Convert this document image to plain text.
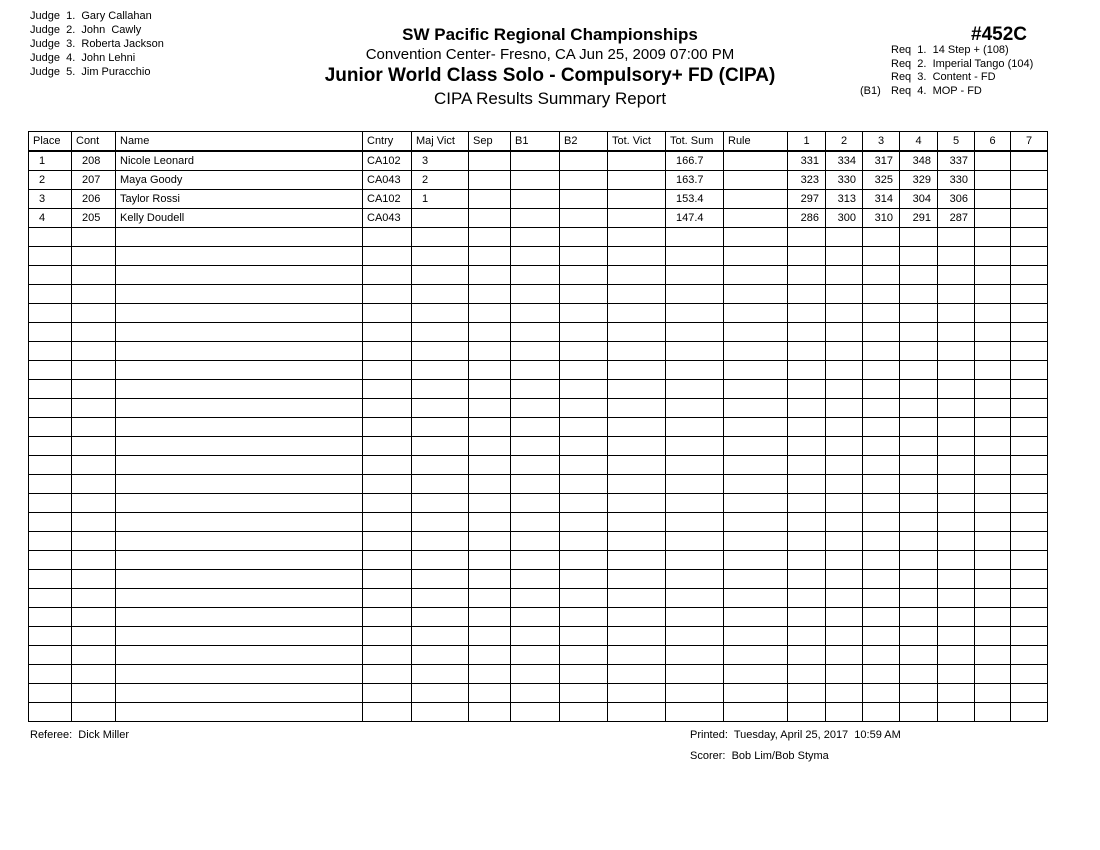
Judge  1.  Gary Callahan
Judge  2.  John  Cawly
Judge  3.  Roberta Jackson
Judge  4.  John Lehni
Judge  5.  Jim Puracchio
SW Pacific Regional Championships
Convention Center- Fresno, CA Jun 25, 2009 07:00 PM
Junior World Class Solo - Compulsory+ FD (CIPA)
CIPA Results Summary Report
#452C
Req  1.  14 Step + (108)
Req  2.  Imperial Tango (104)
Req  3.  Content - FD
(B1) Req  4.  MOP - FD
Place	Cont	Name	Cntry	Maj Vict	Sep	B1	B2	Tot. Vict	Tot. Sum	Rule	1	2	3	4	5	6	7
1	208	Nicole Leonard	CA102	3					166.7		331	334	317	348	337		
2	207	Maya Goody	CA043	2					163.7		323	330	325	329	330		
3	206	Taylor Rossi	CA102	1					153.4		297	313	314	304	306		
4	205	Kelly Doudell	CA043						147.4		286	300	310	291	287		

Referee:  Dick Miller	Printed:  Tuesday, April 25, 2017  10:59 AM
Scorer:  Bob Lim/Bob Styma
